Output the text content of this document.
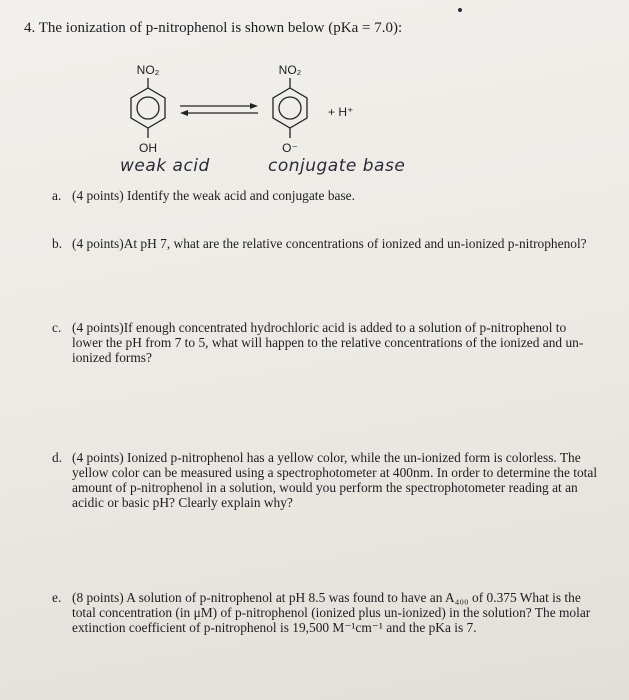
4. The ionization of p-nitrophenol is shown below (pKa = 7.0):
NO₂
OH
NO₂
O⁻
+ H⁺
weak acid	conjugate base
a. (4 points) Identify the weak acid and conjugate base.
b. (4 points)At pH 7, what are the relative concentrations of ionized and un-ionized p-nitrophenol?
c. (4 points)If enough concentrated hydrochloric acid is added to a solution of p-nitrophenol to lower the pH from 7 to 5, what will happen to the relative concentrations of the ionized and un-ionized forms?
d. (4 points) Ionized p-nitrophenol has a yellow color, while the un-ionized form is colorless. The yellow color can be measured using a spectrophotometer at 400nm. In order to determine the total amount of p-nitrophenol in a solution, would you perform the spectrophotometer reading at an acidic or basic pH? Clearly explain why?
e. (8 points) A solution of p-nitrophenol at pH 8.5 was found to have an A₄₀₀ of 0.375 What is the total concentration (in μM) of p-nitrophenol (ionized plus un-ionized) in the solution? The molar extinction coefficient of p-nitrophenol is 19,500 M⁻¹cm⁻¹ and the pKa is 7.
